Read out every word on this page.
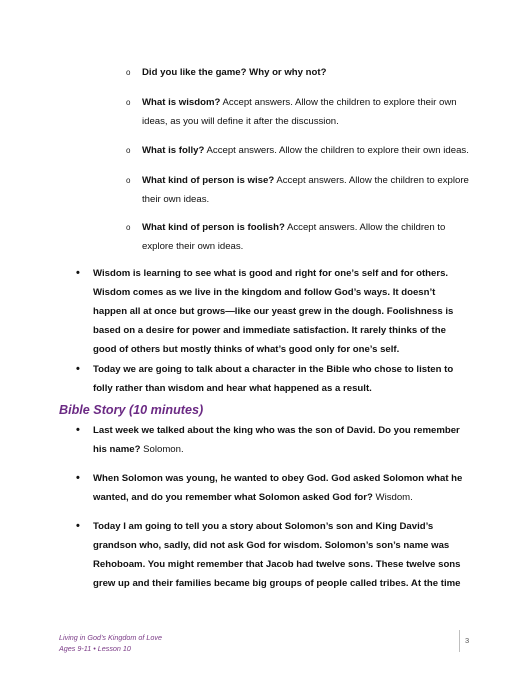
o	Did you like the game? Why or why not?
o	What is wisdom? Accept answers. Allow the children to explore their own ideas, as you will define it after the discussion.
o	What is folly? Accept answers. Allow the children to explore their own ideas.
o	What kind of person is wise? Accept answers. Allow the children to explore their own ideas.
o	What kind of person is foolish? Accept answers. Allow the children to explore their own ideas.
•	Wisdom is learning to see what is good and right for one’s self and for others. Wisdom comes as we live in the kingdom and follow God’s ways. It doesn’t happen all at once but grows—like our yeast grew in the dough. Foolishness is based on a desire for power and immediate satisfaction. It rarely thinks of the good of others but mostly thinks of what’s good only for one’s self.
•	Today we are going to talk about a character in the Bible who chose to listen to folly rather than wisdom and hear what happened as a result.
Bible Story (10 minutes)
•	Last week we talked about the king who was the son of David. Do you remember his name? Solomon.
•	When Solomon was young, he wanted to obey God. God asked Solomon what he wanted, and do you remember what Solomon asked God for? Wisdom.
•	Today I am going to tell you a story about Solomon’s son and King David’s grandson who, sadly, did not ask God for wisdom. Solomon’s son’s name was Rehoboam. You might remember that Jacob had twelve sons. These twelve sons grew up and their families became big groups of people called tribes. At the time
Living in God’s Kingdom of Love
Ages 9-11 • Lesson 10
3
